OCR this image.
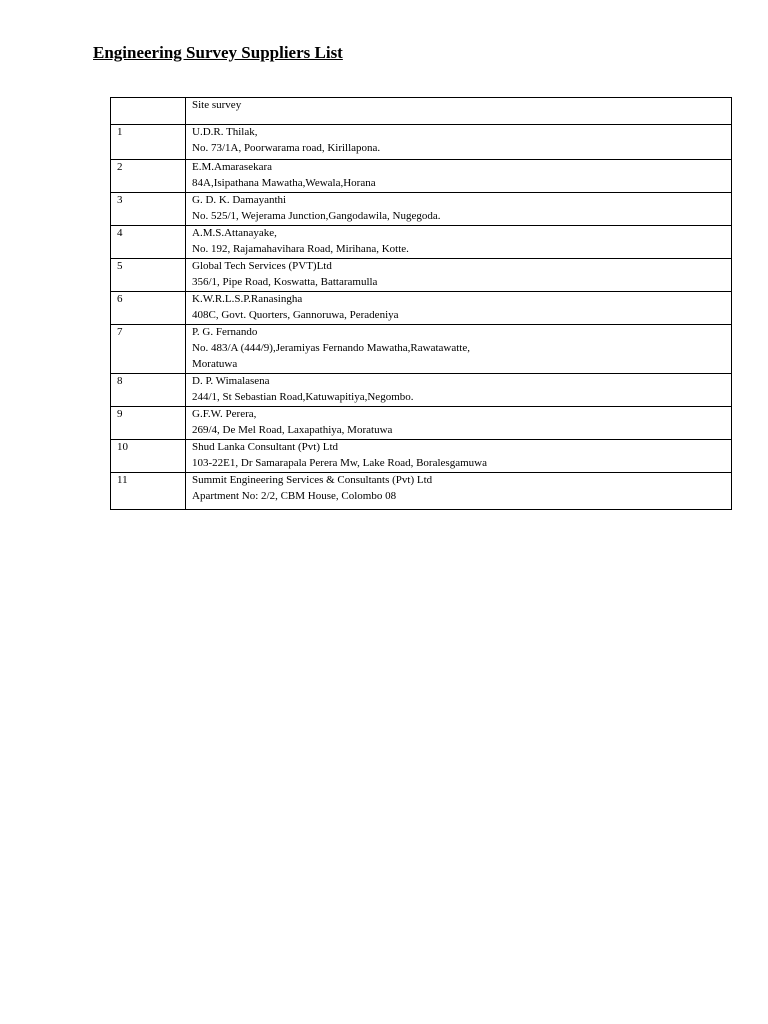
Engineering Survey Suppliers List
	Site survey
1	U.D.R. Thilak,
No. 73/1A, Poorwarama road, Kirillapona.

2	E.M.Amarasekara
84A,Isipathana Mawatha,Wewala,Horana

3	G. D. K. Damayanthi
No. 525/1, Wejerama Junction,Gangodawila, Nugegoda.

4	A.M.S.Attanayake,
No. 192, Rajamahavihara Road, Mirihana, Kotte.

5	Global Tech Services (PVT)Ltd
356/1, Pipe Road, Koswatta, Battaramulla

6	K.W.R.L.S.P.Ranasingha
408C, Govt. Quorters, Gannoruwa, Peradeniya

7	P. G. Fernando
No. 483/A (444/9),Jeramiyas Fernando Mawatha,Rawatawatte,
Moratuwa

8	D. P. Wimalasena
244/1, St Sebastian Road,Katuwapitiya,Negombo.

9	G.F.W. Perera,
269/4, De Mel Road, Laxapathiya, Moratuwa

10	Shud Lanka Consultant (Pvt) Ltd
103-22E1, Dr Samarapala Perera Mw, Lake Road, Boralesgamuwa

11	Summit Engineering Services & Consultants (Pvt) Ltd
Apartment No: 2/2, CBM House, Colombo 08
